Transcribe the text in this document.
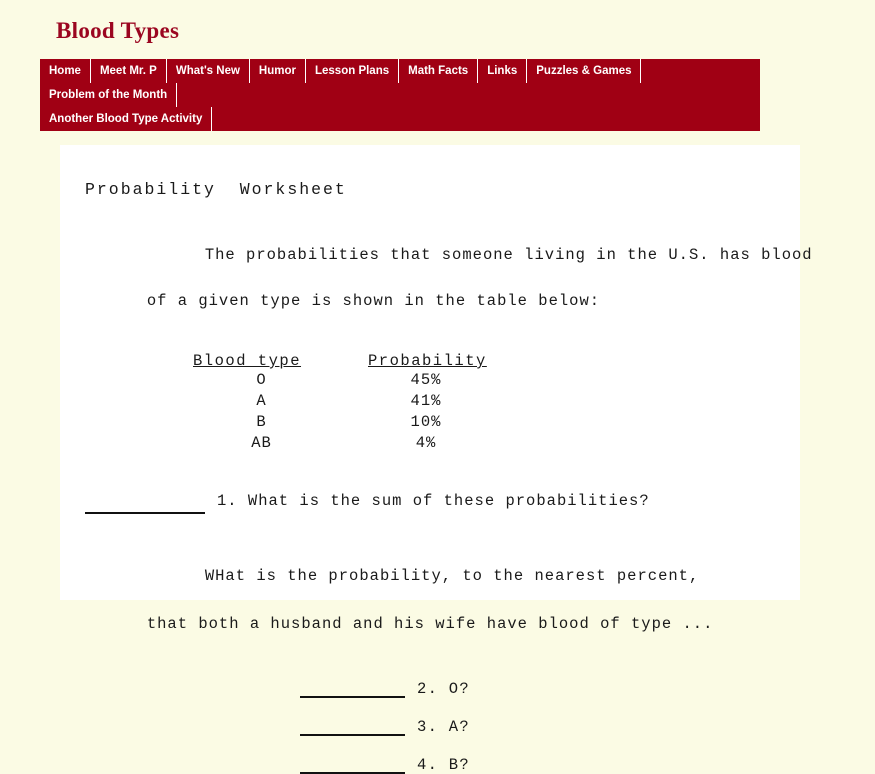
Blood Types
Home	Meet Mr. P	What's New	Humor	Lesson Plans	Math Facts	Links	Puzzles & Games
Problem of the Month
Another Blood Type Activity
Probability  Worksheet

The probabilities that someone living in the U.S. has blood

of a given type is shown in the table below:

Blood type	Probability
O	45%
A	41%
B	10%
AB	4%
1. What is the sum of these probabilities?

WHat is the probability, to the nearest percent,

that both a husband and his wife have blood of type ...

2. O?
3. A?
4. B?
